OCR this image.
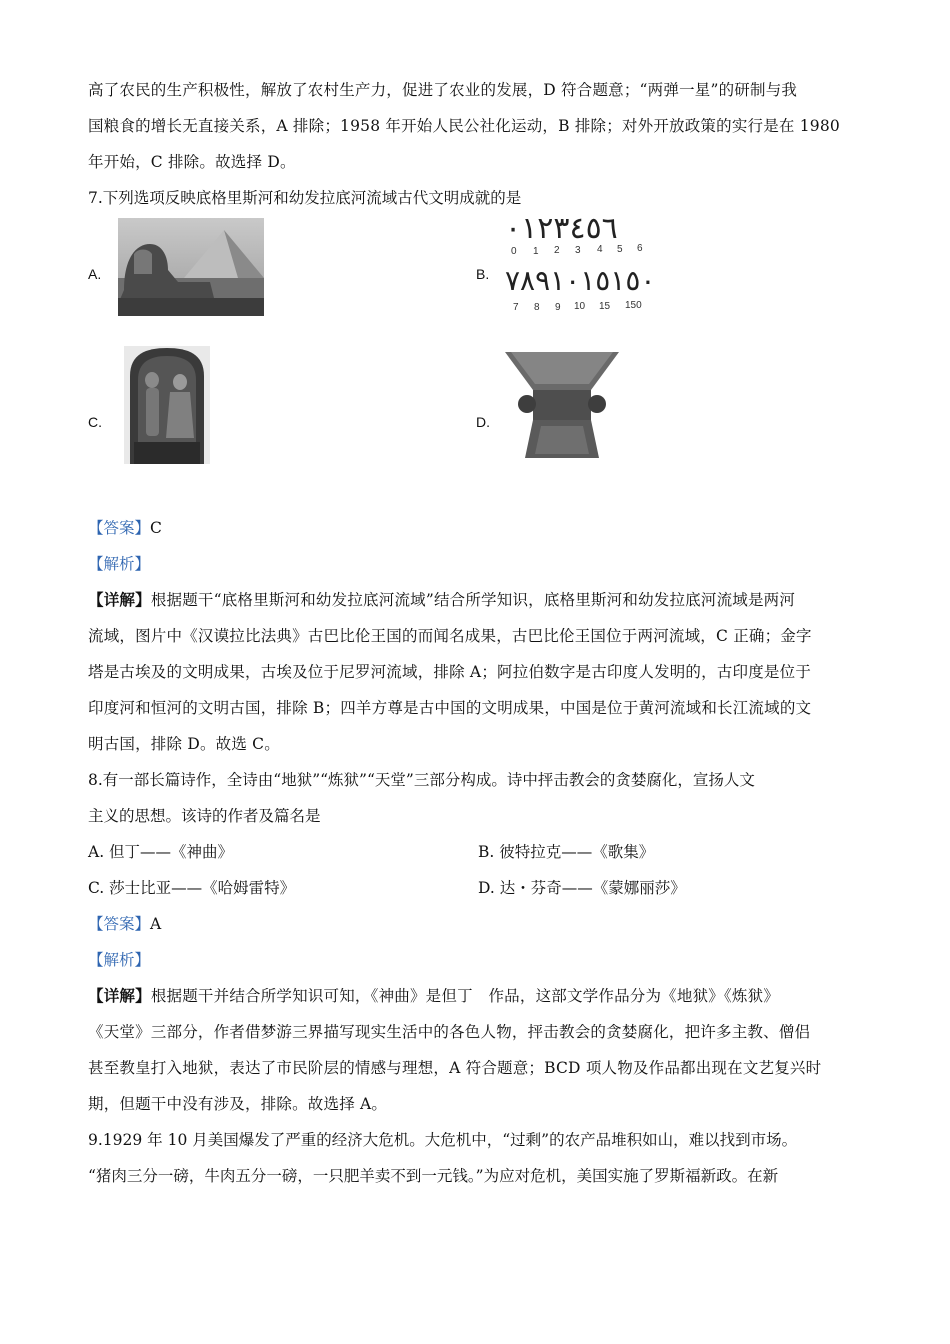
高了农民的生产积极性，解放了农村生产力，促进了农业的发展，D 符合题意；“两弹一星”的研制与我

国粮食的增长无直接关系，A 排除；1958 年开始人民公社化运动，B 排除；对外开放政策的实行是在 1980

年开始，C 排除。故选择 D。

7.下列选项反映底格里斯河和幼发拉底河流域古代文明成就的是

A.	B.
٠١٢٣٤٥٦
0 1 2 3 4 5 6
٧٨٩١٠١٥١٥٠
7 8 9 10 15 150
C.	D.

【答案】C

【解析】

【详解】根据题干“底格里斯河和幼发拉底河流域”结合所学知识，底格里斯河和幼发拉底河流域是两河

流域，图片中《汉谟拉比法典》古巴比伦王国的而闻名成果，古巴比伦王国位于两河流域，C 正确；金字

塔是古埃及的文明成果，古埃及位于尼罗河流域，排除 A；阿拉伯数字是古印度人发明的，古印度是位于

印度河和恒河的文明古国，排除 B；四羊方尊是古中国的文明成果，中国是位于黄河流域和长江流域的文

明古国，排除 D。故选 C。

8.有一部长篇诗作，全诗由“地狱”“炼狱”“天堂”三部分构成。诗中抨击教会的贪婪腐化，宣扬人文

主义的思想。该诗的作者及篇名是

A. 但丁——《神曲》	B. 彼特拉克——《歌集》
C. 莎士比亚——《哈姆雷特》	D. 达・芬奇——《蒙娜丽莎》

【答案】A

【解析】

【详解】根据题干并结合所学知识可知，《神曲》是但丁　作品，这部文学作品分为《地狱》《炼狱》

《天堂》三部分，作者借梦游三界描写现实生活中的各色人物，抨击教会的贪婪腐化，把许多主教、僧侣

甚至教皇打入地狱，表达了市民阶层的情感与理想，A 符合题意；BCD 项人物及作品都出现在文艺复兴时

期，但题干中没有涉及，排除。故选择 A。

9.1929 年 10 月美国爆发了严重的经济大危机。大危机中，“过剩”的农产品堆积如山，难以找到市场。

“猪肉三分一磅，牛肉五分一磅，一只肥羊卖不到一元钱。”为应对危机，美国实施了罗斯福新政。在新
